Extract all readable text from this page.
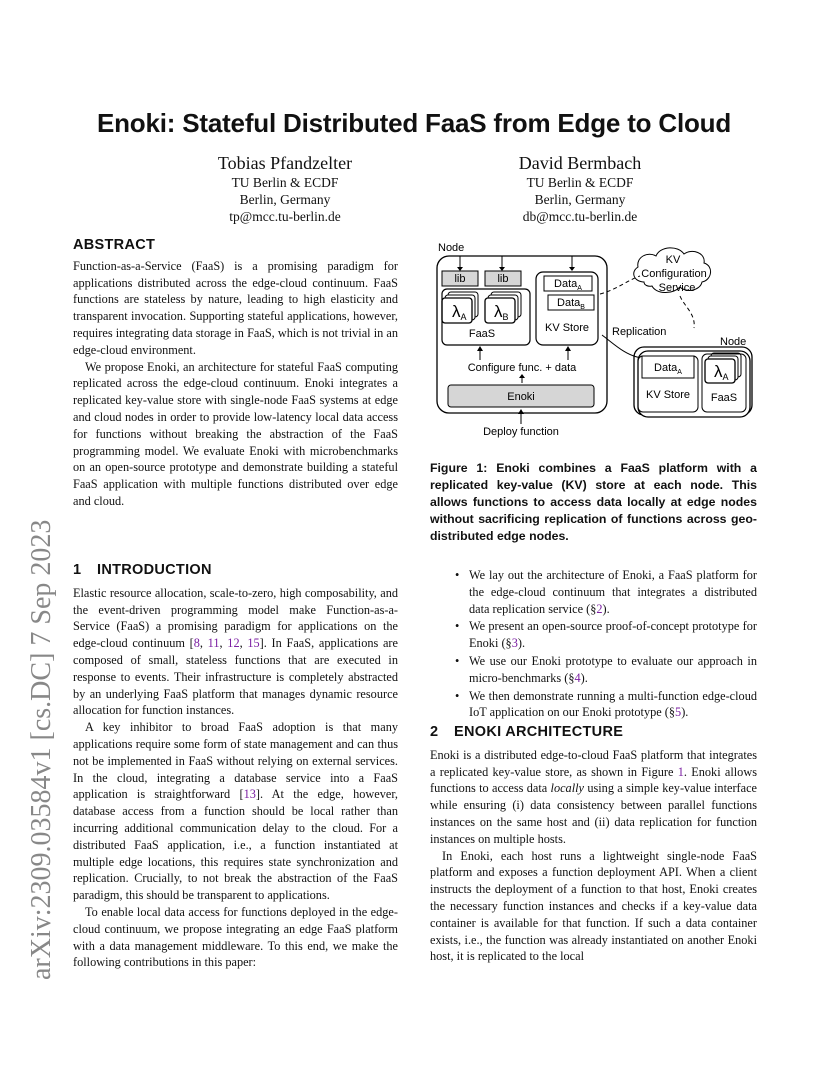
arXiv:2309.03584v1 [cs.DC] 7 Sep 2023
Enoki: Stateful Distributed FaaS from Edge to Cloud
Tobias Pfandzelter
TU Berlin & ECDF
Berlin, Germany
tp@mcc.tu-berlin.de
David Bermbach
TU Berlin & ECDF
Berlin, Germany
db@mcc.tu-berlin.de
ABSTRACT

Function-as-a-Service (FaaS) is a promising paradigm for applications distributed across the edge-cloud continuum. FaaS functions are stateless by nature, leading to high elasticity and transparent invocation. Supporting stateful applications, however, requires integrating data storage in FaaS, which is not trivial in an edge-cloud environment.

We propose Enoki, an architecture for stateful FaaS computing replicated across the edge-cloud continuum. Enoki integrates a replicated key-value store with single-node FaaS systems at edge and cloud nodes in order to provide low-latency local data access for functions without breaking the abstraction of the FaaS programming model. We evaluate Enoki with microbenchmarks on an open-source prototype and demonstrate building a stateful FaaS application with multiple functions distributed over edge and cloud.

1 INTRODUCTION

Elastic resource allocation, scale-to-zero, high composability, and the event-driven programming model make Function-as-a-Service (FaaS) a promising paradigm for applications on the edge-cloud continuum [8, 11, 12, 15]. In FaaS, applications are composed of small, stateless functions that are executed in response to events. Their infrastructure is completely abstracted by an underlying FaaS platform that manages dynamic resource allocation for function instances.

A key inhibitor to broad FaaS adoption is that many applications require some form of state management and can thus not be implemented in FaaS without relying on external services. In the cloud, integrating a database service into a FaaS application is straightforward [13]. At the edge, however, database access from a function should be local rather than incurring additional communication delay to the cloud. For a distributed FaaS application, i.e., a function instantiated at multiple edge locations, this requires state synchronization and replication. Crucially, to not break the abstraction of the FaaS paradigm, this should be transparent to applications.

To enable local data access for functions deployed in the edge-cloud continuum, we propose integrating an edge FaaS platform with a data management middleware. To this end, we make the following contributions in this paper:

Node
lib	lib
λA λB
FaaS
Data$_A$
Data$_B$
KV Store
Configure func. + data
Enoki
Deploy function
KV
Configuration
Service
Replication
Node
Data$_A$
KV Store
λA
FaaS
Figure 1: Enoki combines a FaaS platform with a replicated key-value (KV) store at each node. This allows functions to access data locally at edge nodes without sacrificing replication of functions across geo-distributed edge nodes.
• We lay out the architecture of Enoki, a FaaS platform for the edge-cloud continuum that integrates a distributed data replication service (§2).
• We present an open-source proof-of-concept prototype for Enoki (§3).
• We use our Enoki prototype to evaluate our approach in micro-benchmarks (§4).
• We then demonstrate running a multi-function edge-cloud IoT application on our Enoki prototype (§5).
2 ENOKI ARCHITECTURE

Enoki is a distributed edge-to-cloud FaaS platform that integrates a replicated key-value store, as shown in Figure 1. Enoki allows functions to access data locally using a simple key-value interface while ensuring (i) data consistency between parallel functions instances on the same host and (ii) data replication for function instances on multiple hosts.

In Enoki, each host runs a lightweight single-node FaaS platform and exposes a function deployment API. When a client instructs the deployment of a function to that host, Enoki creates the necessary function instances and checks if a key-value data container is available for that function. If such a data container exists, i.e., the function was already instantiated on another Enoki host, it is replicated to the local
